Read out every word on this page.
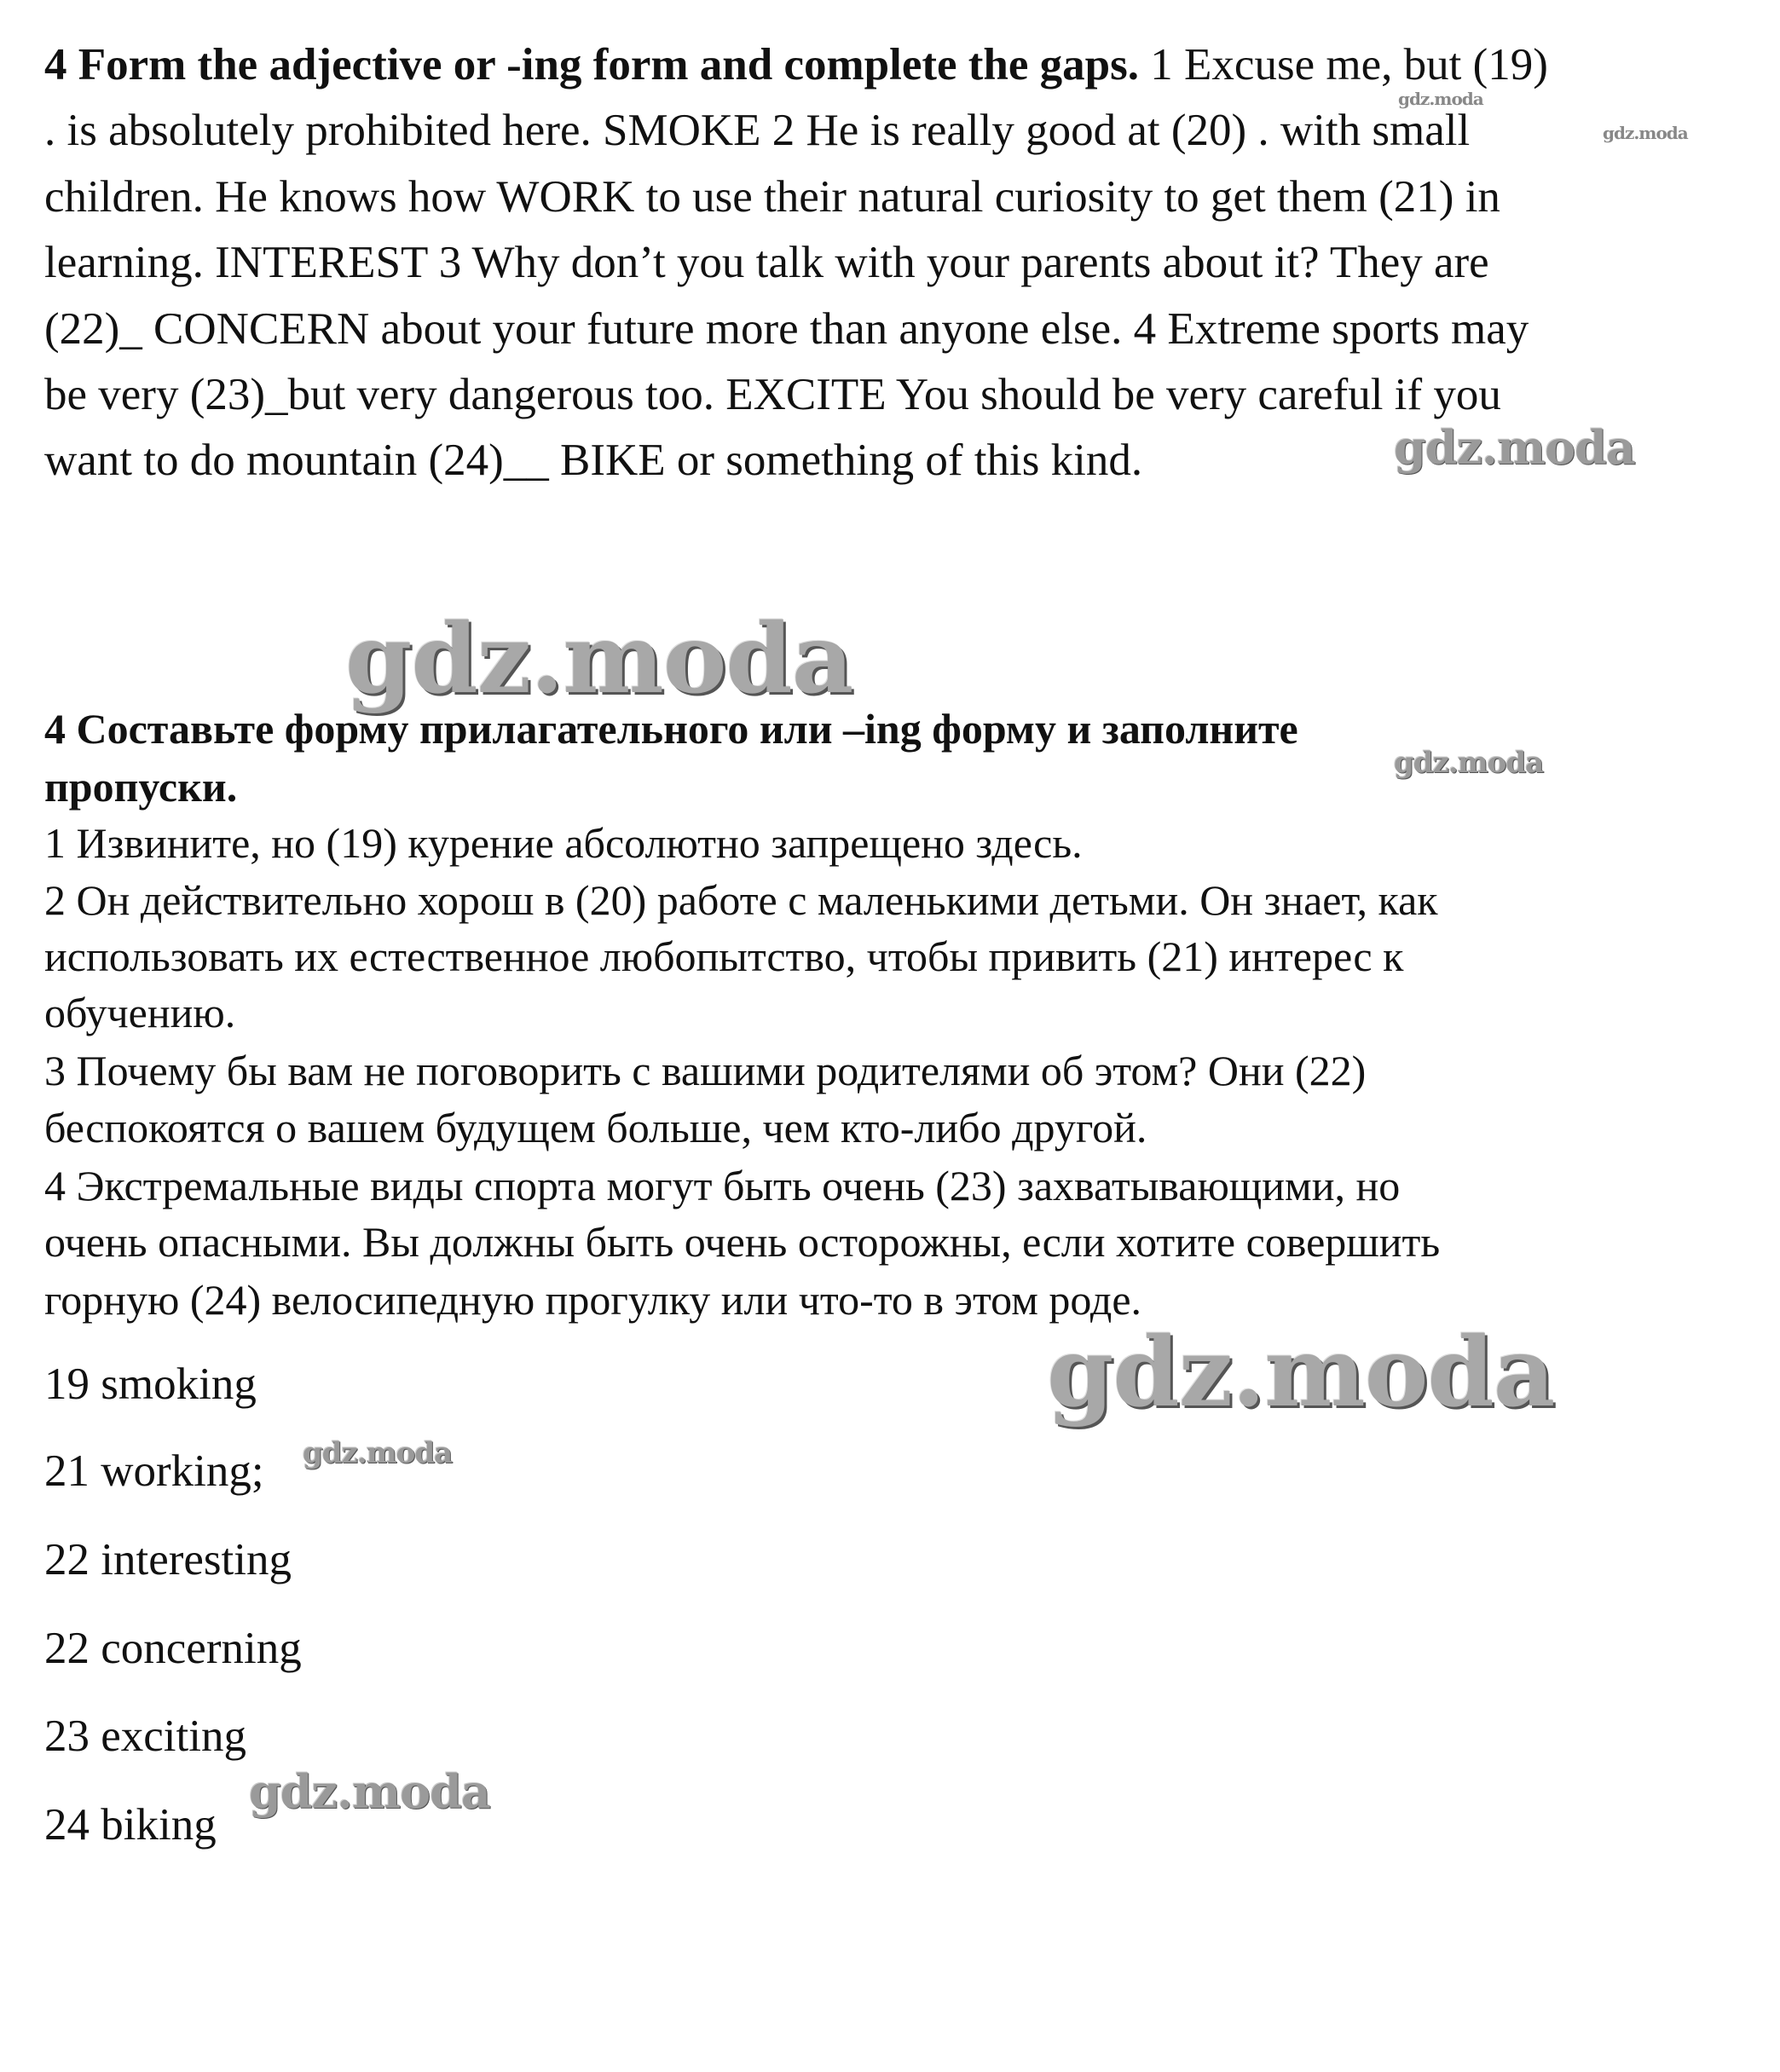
4 Form the adjective or -ing form and complete the gaps. 1 Excuse me, but (19)
. is absolutely prohibited here. SMOKE 2 He is really good at (20) . with small
children. He knows how WORK to use their natural curiosity to get them (21) in
learning. INTEREST 3 Why don’t you talk with your parents about it? They are
(22)_ CONCERN about your future more than anyone else. 4 Extreme sports may
be very (23)_but very dangerous too. EXCITE You should be very careful if you
want to do mountain (24)__ BIKE or something of this kind.
4 Составьте форму прилагательного или –ing форму и заполните
пропуски.
1 Извините, но (19) курение абсолютно запрещено здесь.
2 Он действительно хорош в (20) работе с маленькими детьми. Он знает, как
использовать их естественное любопытство, чтобы привить (21) интерес к
обучению.
3 Почему бы вам не поговорить с вашими родителями об этом? Они (22)
беспокоятся о вашем будущем больше, чем кто-либо другой.
4 Экстремальные виды спорта могут быть очень (23) захватывающими, но
очень опасными. Вы должны быть очень осторожны, если хотите совершить
горную (24) велосипедную прогулку или что-то в этом роде.
19 smoking
21 working;
22 interesting
22 concerning
23 exciting
24 biking
gdz.moda
gdz.moda
gdz.moda
gdz.moda
gdz.moda
gdz.moda
gdz.moda
gdz.moda
